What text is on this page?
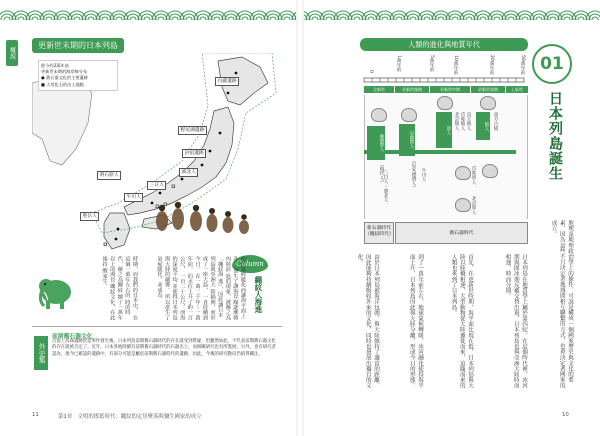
概說
更新世末期的日本列島
距今約2萬年前
更新世末期的海岸線分布
● 舊石器文化的主要遺跡
■ 人骨化石的出土地點
白瀧遺跡
野尻湖遺跡
岩宿遺跡
濱北人
明石原人
牛川人
三日人
聖岳人
Column
繩紋人海進
由於氣候暖化而讓海平面上升， 發生了讓海岸線逐漸朝內陸前 進的現象，被稱之為「繩紋海 進」，因此讓日本列島與亞洲大 陸隔開，而形成了一座大島， 一直持續到今日。 在一萬二千年～一萬年前， 的水位上升了約一百公尺， 一百二十公尺。而海的深度平均 並使得日本列島與大陸的關係。 所以產生了氣候暖化，並成為
時期。而我們的日本史， 在這個一萬年左右的 時的時代，稱之為繩紋 續了一萬年以上的漫長 繩紋文化，在此後持 醒來生。
外史集
前期舊石器文化
自從上高森遺跡捏造事件發生後，日本列島前期舊石器時代的存在就受到質疑，但雖然如此，不代表前期舊石器文化的存在就被否定了。近年，日本各地陸續有前期舊石器時代的石器出土，而相關研究也有所進展。另外，也有研究者認為，現今已確認的遺跡中，有部分可能是屬於前期舊石器時代的遺跡，因此，今後的研究動向仍值得關注。
11	第1章　文明的搖籃時代：繩紋的定居聚落與彌生國家的成立
人類的進化與地質年代
50萬年前
20萬年前
10萬年前
5萬年前
1萬年前
0
全新世	更新世後期	更新世中期	更新世前期	上新世
晚期智人
（現代人）
早期智人
（尼安德塔人）
原人	直立猿人
爪哇猿人
北京猿人	猿人 南方古猿
三日人・濱北人	牛川人	爪哇原人
北京原人
新石器時代
（繩紋時代）	舊石器時代
01
日本列島誕生
地理及地理政治學上的條件，可說是構成一個國家歷史與文化的要素，因為這些不只決定著地域間相互聯繫的方式，也會決定著國家的成立。
日本列島在地質學上屬於第四紀。在這個時代裡，冰河期與間冰期反覆交替出現，日本列島也與亞洲大陸時而相連、時而分開。
首先，在更新世時期，海平面比現在低，日本列島與大陸以陸橋相連，大型動物從大陸遷徙而來，追隨而來的人類也來到了日本列島。
到了一萬年前左右，地球氣候轉暖，冰河融化使得海平面上升，日本列島因此與大陸分離，形成今日的形態。
由於日本列島被海洋包圍，與大陸維持了適當的距離，因此能夠持續吸收外來的文化，同時也發展出獨自的文化。
10
